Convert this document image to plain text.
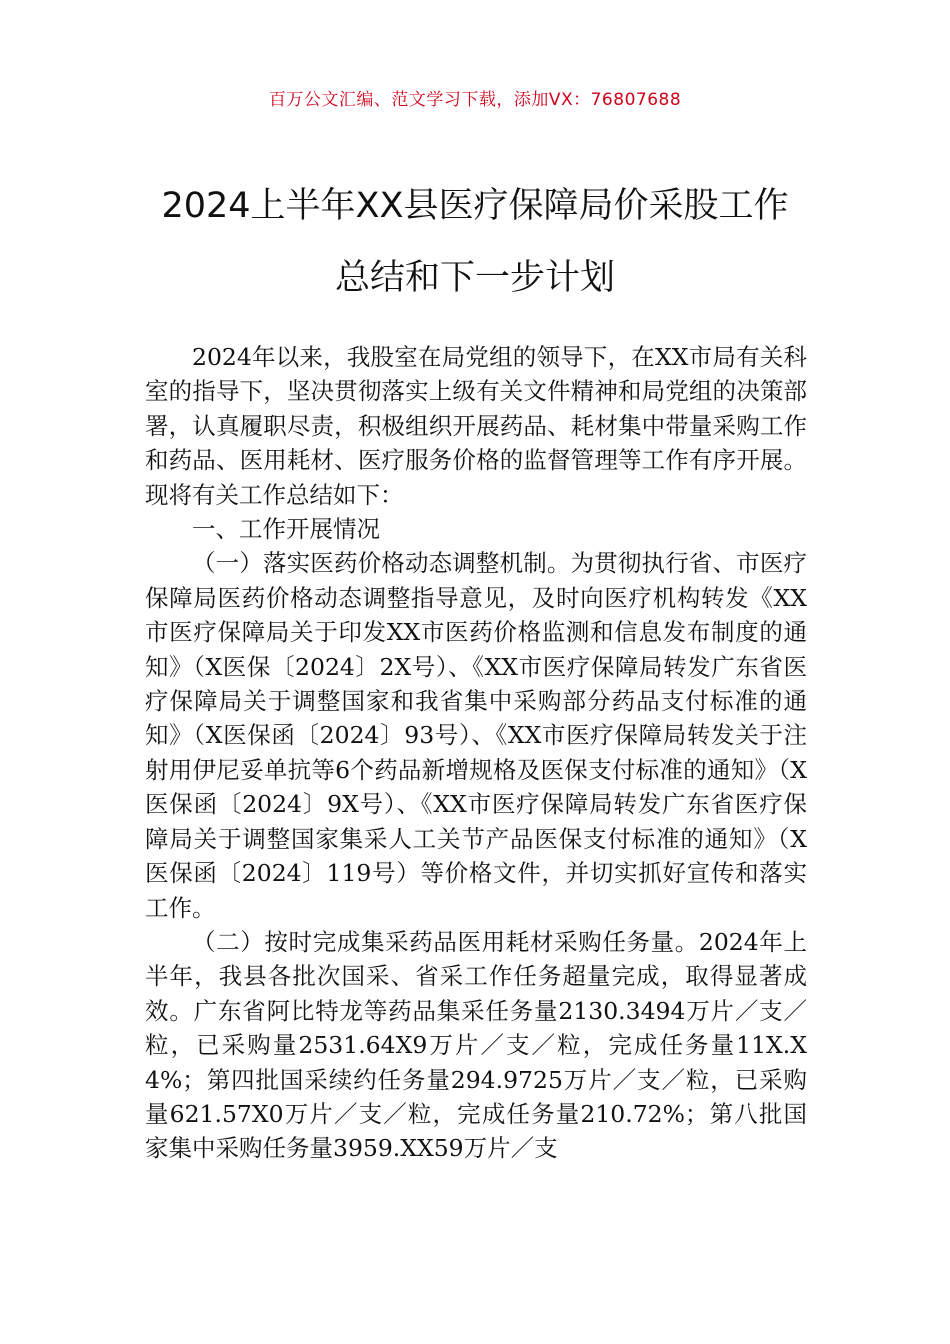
百万公文汇编、范文学习下载，添加VX：76807688
2024上半年XX县医疗保障局价采股工作
总结和下一步计划

2024年以来，我股室在局党组的领导下，在XX市局有关科室的指导下，坚决贯彻落实上级有关文件精神和局党组的决策部署，认真履职尽责，积极组织开展药品、耗材集中带量采购工作和药品、医用耗材、医疗服务价格的监督管理等工作有序开展。现将有关工作总结如下：

一、工作开展情况

（一）落实医药价格动态调整机制。为贯彻执行省、市医疗保障局医药价格动态调整指导意见，及时向医疗机构转发《XX市医疗保障局关于印发XX市医药价格监测和信息发布制度的通知》（X医保〔2024〕2X号）、《XX市医疗保障局转发广东省医疗保障局关于调整国家和我省集中采购部分药品支付标准的通知》（X医保函〔2024〕93号）、《XX市医疗保障局转发关于注射用伊尼妥单抗等6个药品新增规格及医保支付标准的通知》（X医保函〔2024〕9X号）、《XX市医疗保障局转发广东省医疗保障局关于调整国家集采人工关节产品医保支付标准的通知》（X医保函〔2024〕119号）等价格文件，并切实抓好宣传和落实工作。

（二）按时完成集采药品医用耗材采购任务量。2024年上半年，我县各批次国采、省采工作任务超量完成，取得显著成效。广东省阿比特龙等药品集采任务量2130.3494万片／支／粒，已采购量2531.64X9万片／支／粒，完成任务量11X.X4%；第四批国采续约任务量294.9725万片／支／粒，已采购量621.57X0万片／支／粒，完成任务量210.72%；第八批国家集中采购任务量3959.XX59万片／支
